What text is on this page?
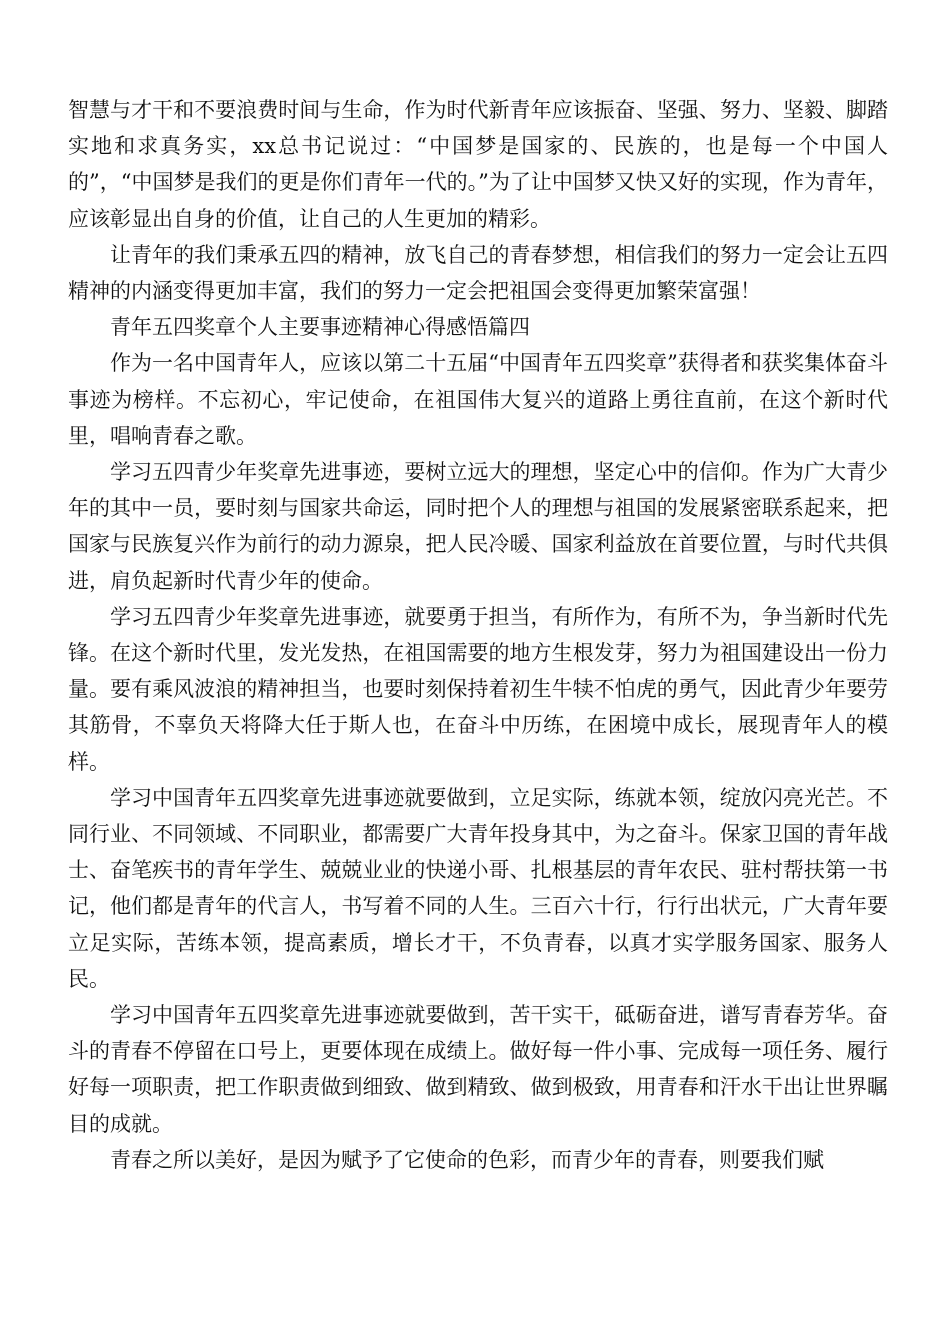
智慧与才干和不要浪费时间与生命，作为时代新青年应该振奋、坚强、努力、坚毅、脚踏实地和求真务实，xx总书记说过：“中国梦是国家的、民族的，也是每一个中国人的”，“中国梦是我们的更是你们青年一代的。”为了让中国梦又快又好的实现，作为青年，应该彰显出自身的价值，让自己的人生更加的精彩。

让青年的我们秉承五四的精神，放飞自己的青春梦想，相信我们的努力一定会让五四精神的内涵变得更加丰富，我们的努力一定会把祖国会变得更加繁荣富强！

青年五四奖章个人主要事迹精神心得感悟篇四

作为一名中国青年人，应该以第二十五届“中国青年五四奖章”获得者和获奖集体奋斗事迹为榜样。不忘初心，牢记使命，在祖国伟大复兴的道路上勇往直前，在这个新时代里，唱响青春之歌。

学习五四青少年奖章先进事迹，要树立远大的理想，坚定心中的信仰。作为广大青少年的其中一员，要时刻与国家共命运，同时把个人的理想与祖国的发展紧密联系起来，把国家与民族复兴作为前行的动力源泉，把人民冷暖、国家利益放在首要位置，与时代共俱进，肩负起新时代青少年的使命。

学习五四青少年奖章先进事迹，就要勇于担当，有所作为，有所不为，争当新时代先锋。在这个新时代里，发光发热，在祖国需要的地方生根发芽，努力为祖国建设出一份力量。要有乘风波浪的精神担当，也要时刻保持着初生牛犊不怕虎的勇气，因此青少年要劳其筋骨，不辜负天将降大任于斯人也，在奋斗中历练，在困境中成长，展现青年人的模样。

学习中国青年五四奖章先进事迹就要做到，立足实际，练就本领，绽放闪亮光芒。不同行业、不同领域、不同职业，都需要广大青年投身其中，为之奋斗。保家卫国的青年战士、奋笔疾书的青年学生、兢兢业业的快递小哥、扎根基层的青年农民、驻村帮扶第一书记，他们都是青年的代言人，书写着不同的人生。三百六十行，行行出状元，广大青年要立足实际，苦练本领，提高素质，增长才干，不负青春，以真才实学服务国家、服务人民。

学习中国青年五四奖章先进事迹就要做到，苦干实干，砥砺奋进，谱写青春芳华。奋斗的青春不停留在口号上，更要体现在成绩上。做好每一件小事、完成每一项任务、履行好每一项职责，把工作职责做到细致、做到精致、做到极致，用青春和汗水干出让世界瞩目的成就。

青春之所以美好，是因为赋予了它使命的色彩，而青少年的青春，则要我们赋
